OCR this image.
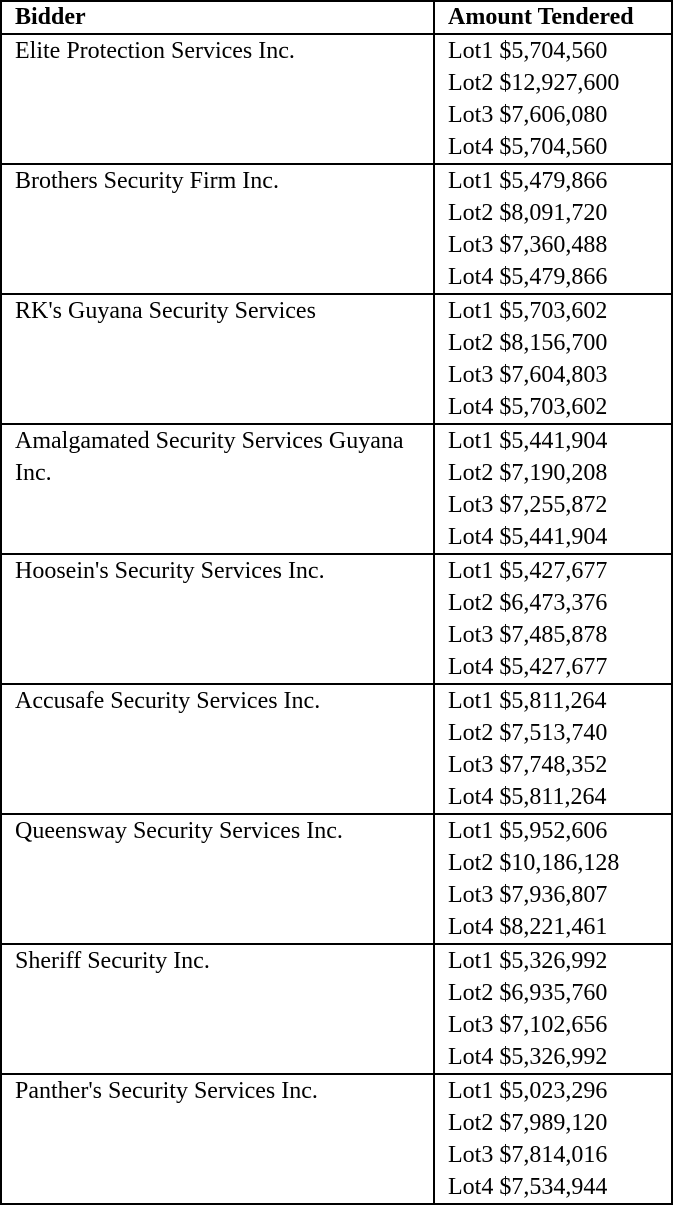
Bidder	Amount Tendered

Elite Protection Services Inc.	Lot1 $5,704,560
Lot2 $12,927,600
Lot3 $7,606,080
Lot4 $5,704,560

Brothers Security Firm Inc.	Lot1 $5,479,866
Lot2 $8,091,720
Lot3 $7,360,488
Lot4 $5,479,866

RK's Guyana Security Services	Lot1 $5,703,602
Lot2 $8,156,700
Lot3 $7,604,803
Lot4 $5,703,602

Amalgamated Security Services Guyana Inc.	Lot1 $5,441,904
Lot2 $7,190,208
Lot3 $7,255,872
Lot4 $5,441,904

Hoosein's Security Services Inc.	Lot1 $5,427,677
Lot2 $6,473,376
Lot3 $7,485,878
Lot4 $5,427,677

Accusafe Security Services Inc.	Lot1 $5,811,264
Lot2 $7,513,740
Lot3 $7,748,352
Lot4 $5,811,264

Queensway Security Services Inc.	Lot1 $5,952,606
Lot2 $10,186,128
Lot3 $7,936,807
Lot4 $8,221,461

Sheriff Security Inc.	Lot1 $5,326,992
Lot2 $6,935,760
Lot3 $7,102,656
Lot4 $5,326,992

Panther's Security Services Inc.	Lot1 $5,023,296
Lot2 $7,989,120
Lot3 $7,814,016
Lot4 $7,534,944
